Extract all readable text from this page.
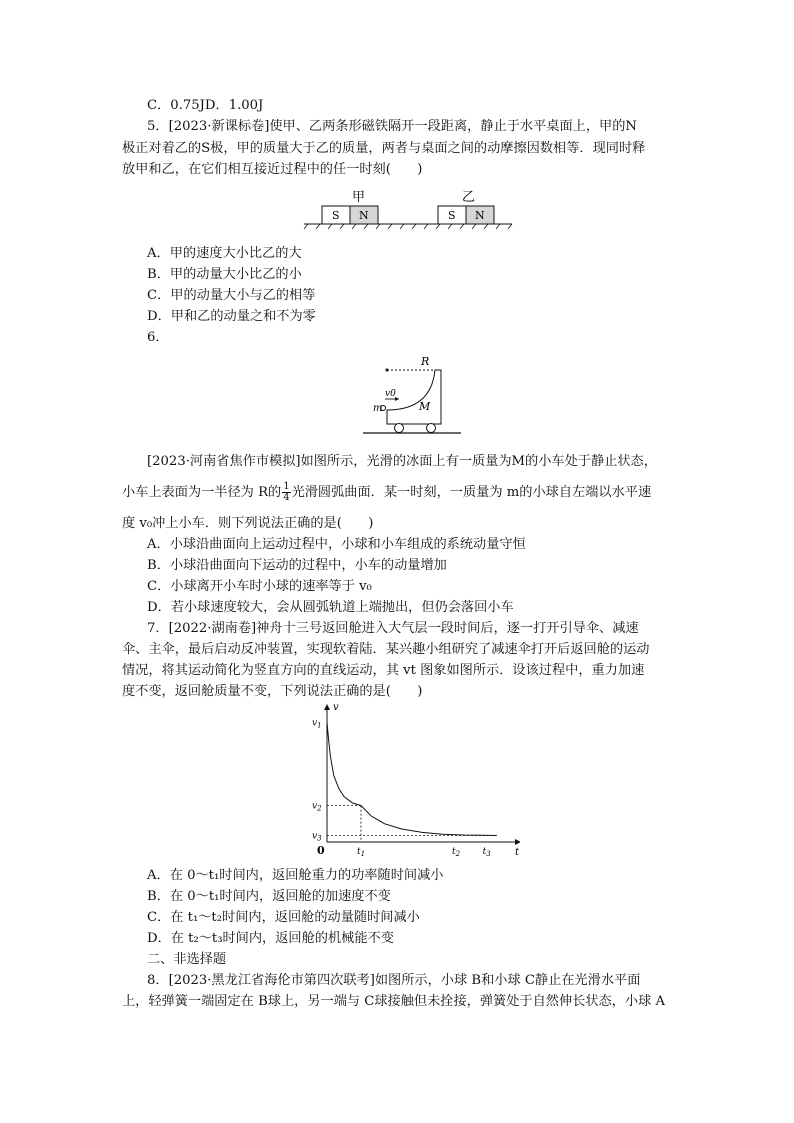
C．0.75JD．1.00J
5．[2023·新课标卷]使甲、乙两条形磁铁隔开一段距离，静止于水平桌面上，甲的N
极正对着乙的S极，甲的质量大于乙的质量，两者与桌面之间的动摩擦因数相等．现同时释
放甲和乙，在它们相互接近过程中的任一时刻(　　)
甲	乙
S N	S N
A．甲的速度大小比乙的大
B．甲的动量大小比乙的小
C．甲的动量大小与乙的相等
D．甲和乙的动量之和不为零
6．
R
M
m
v0
[2023·河南省焦作市模拟]如图所示，光滑的冰面上有一质量为M的小车处于静止状态，
小车上表面为一半径为 R的 $\frac{1}{4}$ 光滑圆弧曲面．某一时刻，一质量为 m的小球自左端以水平速
度 v₀冲上小车．则下列说法正确的是(　　)
A．小球沿曲面向上运动过程中，小球和小车组成的系统动量守恒
B．小球沿曲面向下运动的过程中，小车的动量增加
C．小球离开小车时小球的速率等于 v₀
D．若小球速度较大，会从圆弧轨道上端抛出，但仍会落回小车
7．[2022·湖南卷]神舟十三号返回舱进入大气层一段时间后，逐一打开引导伞、减速
伞、主伞，最后启动反冲装置，实现软着陆．某兴趣小组研究了减速伞打开后返回舱的运动
情况，将其运动简化为竖直方向的直线运动，其 vt 图象如图所示．设该过程中，重力加速
度不变，返回舱质量不变，下列说法正确的是(　　)
t
v
0	$t_1$	$t_2$ $t_3$
$v_1$
$v_2$
$v_3$
A．在 0～t₁时间内，返回舱重力的功率随时间减小
B．在 0～t₁时间内，返回舱的加速度不变
C．在 t₁～t₂时间内，返回舱的动量随时间减小
D．在 t₂～t₃时间内，返回舱的机械能不变
二、非选择题
8．[2023·黑龙江省海伦市第四次联考]如图所示，小球 B和小球 C静止在光滑水平面
上，轻弹簧一端固定在 B球上，另一端与 C球接触但未拴接，弹簧处于自然伸长状态，小球 A
